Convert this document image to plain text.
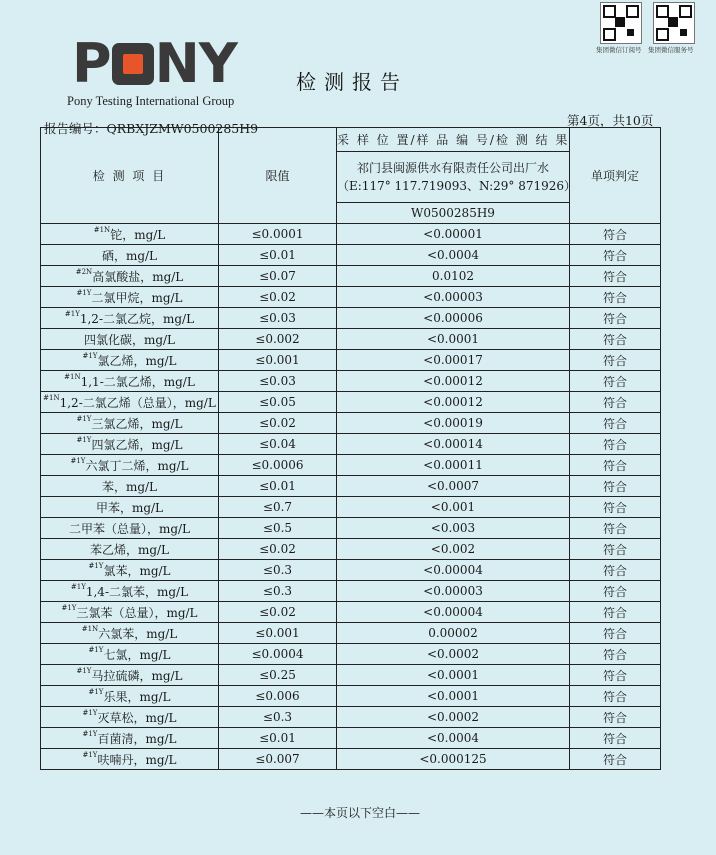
P NY
Pony Testing International Group
集团微信订阅号 集团微信服务号
检测报告
报告编号：QRBXJZMW0500285H9
第4页，共10页
检 测 项 目	限值	采 样 位 置/样 品 编 号/检 测 结 果	单项判定

		祁门县闽源供水有限责任公司出厂水
（E:117° 117.719093、N:29° 871926）	

		W0500285H9	
$^{\#1N}$铊，mg/L	≤0.0001	<0.00001	符合
硒，mg/L	≤0.01	<0.0004	符合
$^{\#2N}$高氯酸盐，mg/L	≤0.07	0.0102	符合
$^{\#1Y}$二氯甲烷，mg/L	≤0.02	<0.00003	符合
$^{\#1Y}$1,2-二氯乙烷，mg/L	≤0.03	<0.00006	符合
四氯化碳，mg/L	≤0.002	<0.0001	符合
$^{\#1Y}$氯乙烯，mg/L	≤0.001	<0.00017	符合
$^{\#1N}$1,1-二氯乙烯，mg/L	≤0.03	<0.00012	符合
$^{\#1N}$1,2-二氯乙烯（总量），mg/L	≤0.05	<0.00012	符合
$^{\#1Y}$三氯乙烯，mg/L	≤0.02	<0.00019	符合
$^{\#1Y}$四氯乙烯，mg/L	≤0.04	<0.00014	符合
$^{\#1Y}$六氯丁二烯，mg/L	≤0.0006	<0.00011	符合
苯，mg/L	≤0.01	<0.0007	符合
甲苯，mg/L	≤0.7	<0.001	符合
二甲苯（总量），mg/L	≤0.5	<0.003	符合
苯乙烯，mg/L	≤0.02	<0.002	符合
$^{\#1Y}$氯苯，mg/L	≤0.3	<0.00004	符合
$^{\#1Y}$1,4-二氯苯，mg/L	≤0.3	<0.00003	符合
$^{\#1Y}$三氯苯（总量），mg/L	≤0.02	<0.00004	符合
$^{\#1N}$六氯苯，mg/L	≤0.001	0.00002	符合
$^{\#1Y}$七氯，mg/L	≤0.0004	<0.0002	符合
$^{\#1Y}$马拉硫磷，mg/L	≤0.25	<0.0001	符合
$^{\#1Y}$乐果，mg/L	≤0.006	<0.0001	符合
$^{\#1Y}$灭草松，mg/L	≤0.3	<0.0002	符合
$^{\#1Y}$百菌清，mg/L	≤0.01	<0.0004	符合
$^{\#1Y}$呋喃丹，mg/L	≤0.007	<0.000125	符合
——本页以下空白——
